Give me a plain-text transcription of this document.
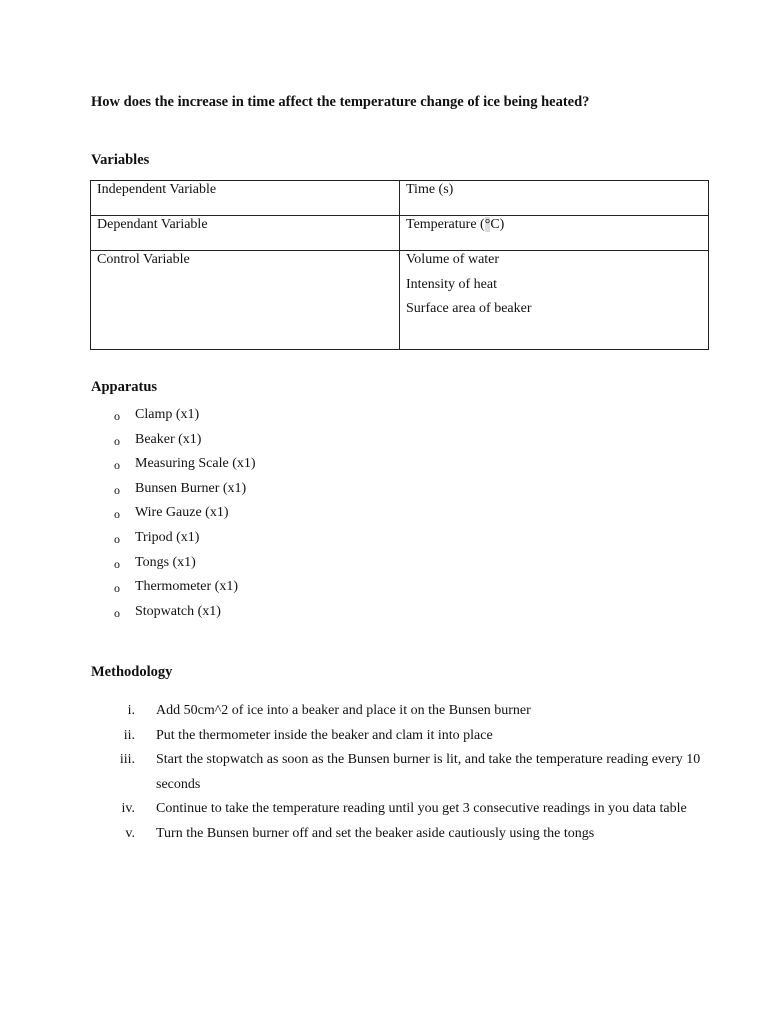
How does the increase in time affect the temperature change of ice being heated?
Variables
Independent Variable	Time (s)

Dependant Variable	Temperature (°C)

Control Variable	Volume of water
Intensity of heat
Surface area of beaker
Apparatus
o	Clamp (x1)
o	Beaker (x1)
o	Measuring Scale (x1)
o	Bunsen Burner (x1)
o	Wire Gauze (x1)
o	Tripod (x1)
o	Tongs (x1)
o	Thermometer (x1)
o	Stopwatch (x1)
Methodology
i. Add 50cm^2 of ice into a beaker and place it on the Bunsen burner
ii. Put the thermometer inside the beaker and clam it into place
iii. Start the stopwatch as soon as the Bunsen burner is lit, and take the temperature reading every 10 seconds
iv. Continue to take the temperature reading until you get 3 consecutive readings in you data table
v. Turn the Bunsen burner off and set the beaker aside cautiously using the tongs
